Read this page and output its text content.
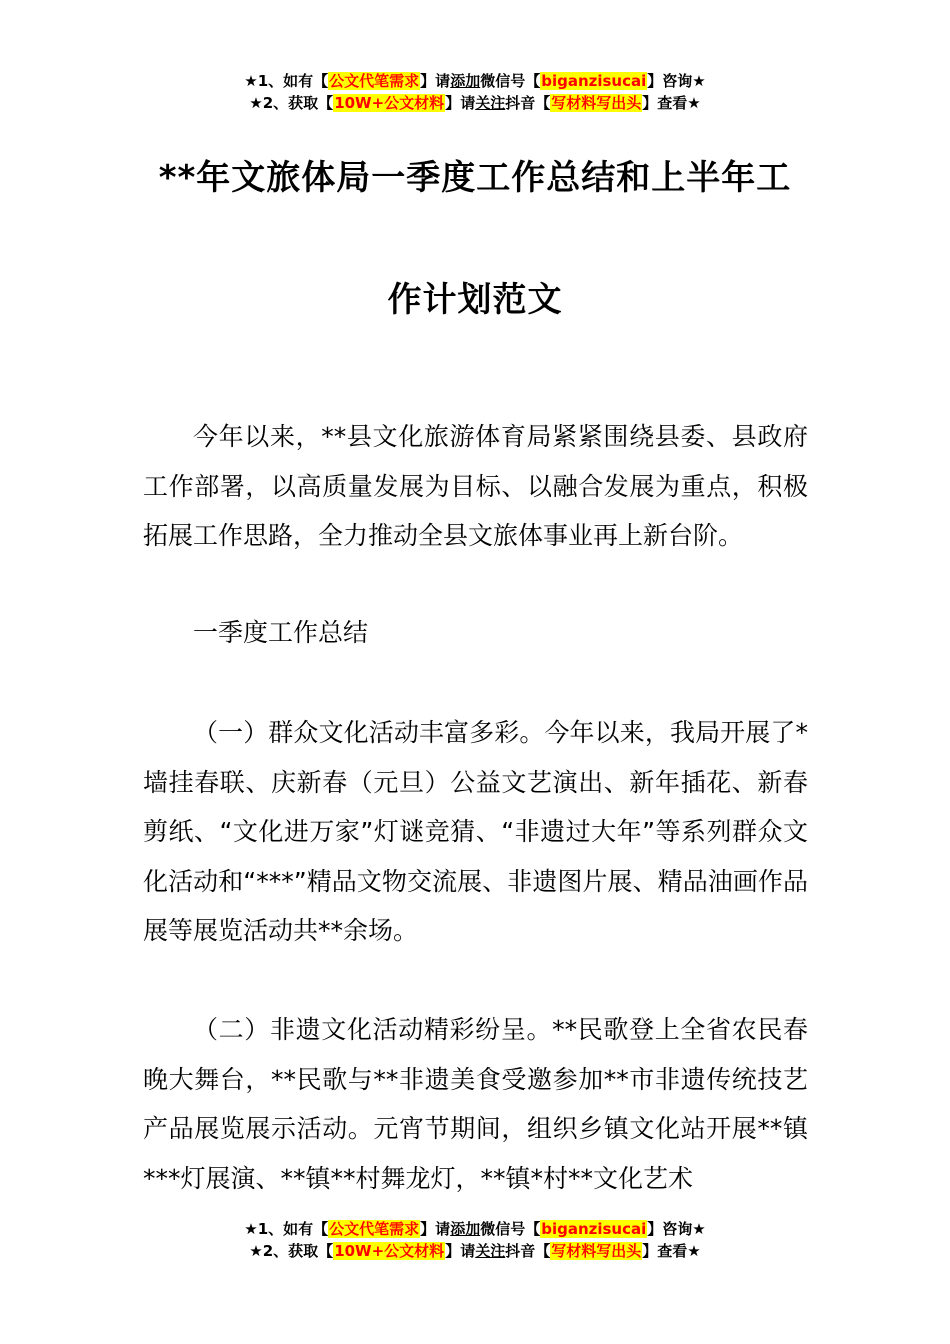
★1、如有【公文代笔需求】请添加微信号【biganzisucai】咨询★
★2、获取【10W+公文材料】请关注抖音【写材料写出头】查看★
**年文旅体局一季度工作总结和上半年工
作计划范文

今年以来，**县文化旅游体育局紧紧围绕县委、县政府工作部署，以高质量发展为目标、以融合发展为重点，积极拓展工作思路，全力推动全县文旅体事业再上新台阶。

一季度工作总结

（一）群众文化活动丰富多彩。今年以来，我局开展了*墙挂春联、庆新春（元旦）公益文艺演出、新年插花、新春剪纸、“文化进万家”灯谜竞猜、“非遗过大年”等系列群众文化活动和“***”精品文物交流展、非遗图片展、精品油画作品展等展览活动共**余场。

（二）非遗文化活动精彩纷呈。**民歌登上全省农民春晚大舞台，**民歌与**非遗美食受邀参加**市非遗传统技艺产品展览展示活动。元宵节期间，组织乡镇文化站开展**镇***灯展演、**镇**村舞龙灯，**镇*村**文化艺术

★1、如有【公文代笔需求】请添加微信号【biganzisucai】咨询★
★2、获取【10W+公文材料】请关注抖音【写材料写出头】查看★
